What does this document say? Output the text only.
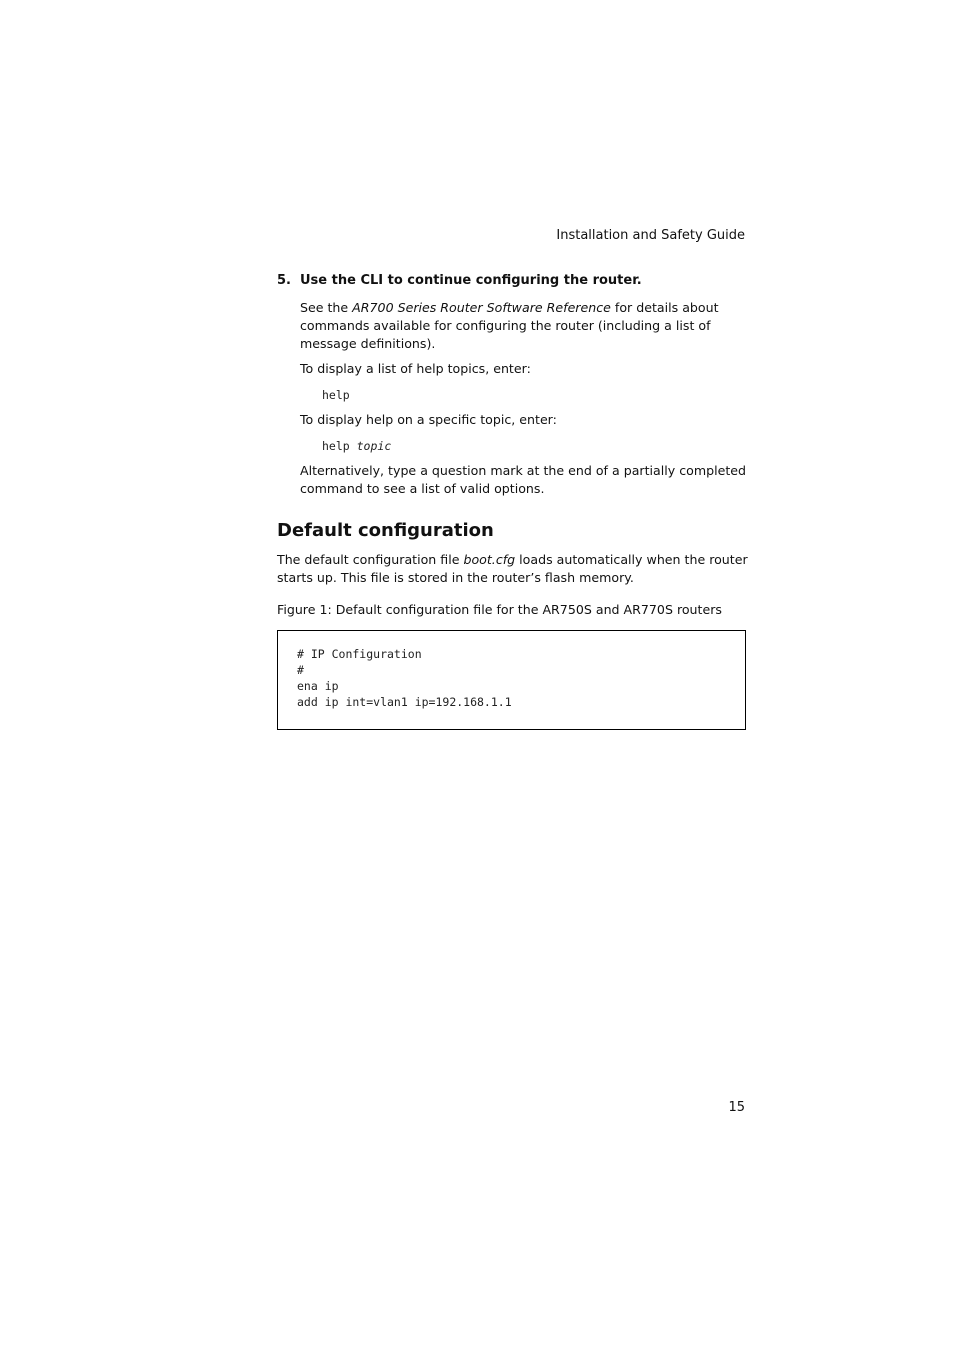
Installation and Safety Guide
5. Use the CLI to continue configuring the router.

See the AR700 Series Router Software Reference for details about commands available for configuring the router (including a list of message definitions).

To display a list of help topics, enter:

help

To display help on a specific topic, enter:

help topic

Alternatively, type a question mark at the end of a partially completed command to see a list of valid options.

Default configuration

The default configuration file boot.cfg loads automatically when the router starts up. This file is stored in the router’s flash memory.

Figure 1: Default configuration file for the AR750S and AR770S routers

# IP Configuration
#
ena ip
add ip int=vlan1 ip=192.168.1.1
15
